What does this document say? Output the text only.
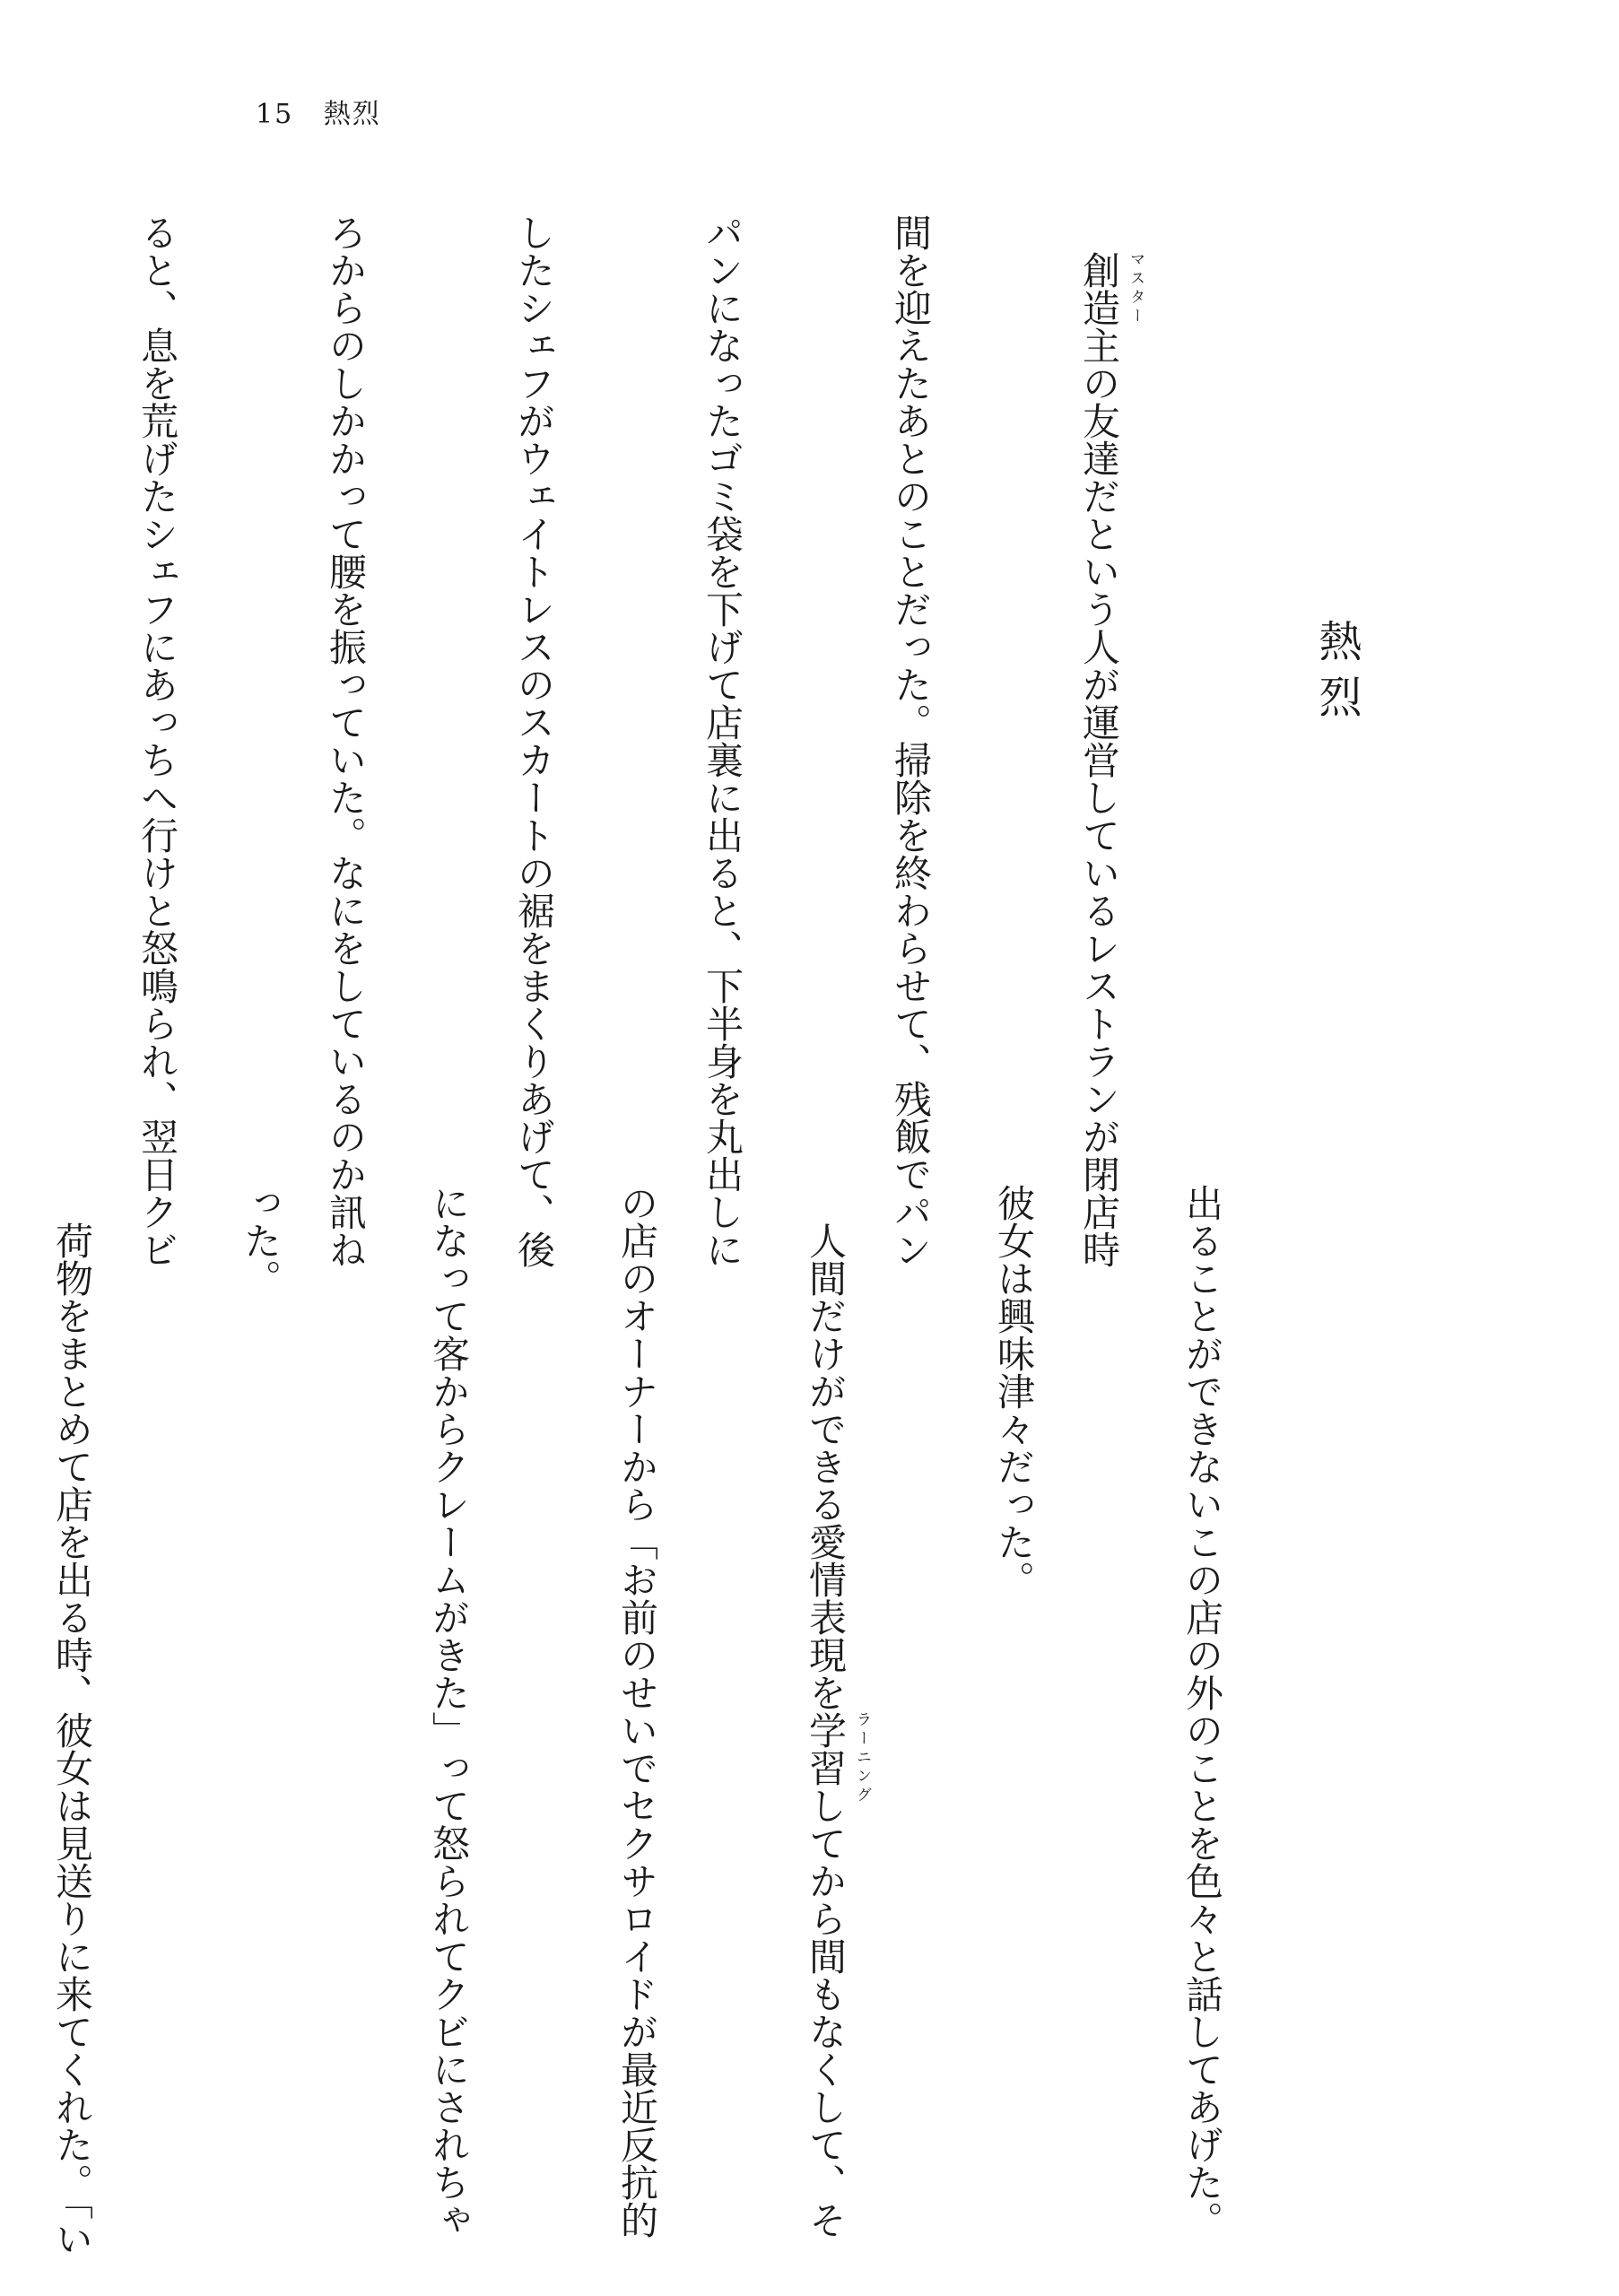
15 熱烈
熱烈

　創造主 マスター
の友達だという人が運営しているレストランが閉店時

間を迎えたあとのことだった。掃除を終わらせて、残飯でパン

パンになったゴミ袋を下げて店裏に出ると、下半身を丸出しに

したシェフがウェイトレスのスカートの裾をまくりあげて、後

ろからのしかかって腰を振っていた。なにをしているのか訊ね

ると、息を荒げたシェフにあっちへ行けと怒鳴られ、翌日クビ

出ることができないこの店の外のことを色々と話してあげた。

彼女は興味津々だった。

　人間だけができる愛情表現を学習 ラーニング
してから間もなくして、そ

の店のオーナーから「お前のせいでセクサロイドが最近反抗的

になって客からクレームがきた」って怒られてクビにされちゃ

った。

　荷物をまとめて店を出る時、彼女は見送りに来てくれた。「い
